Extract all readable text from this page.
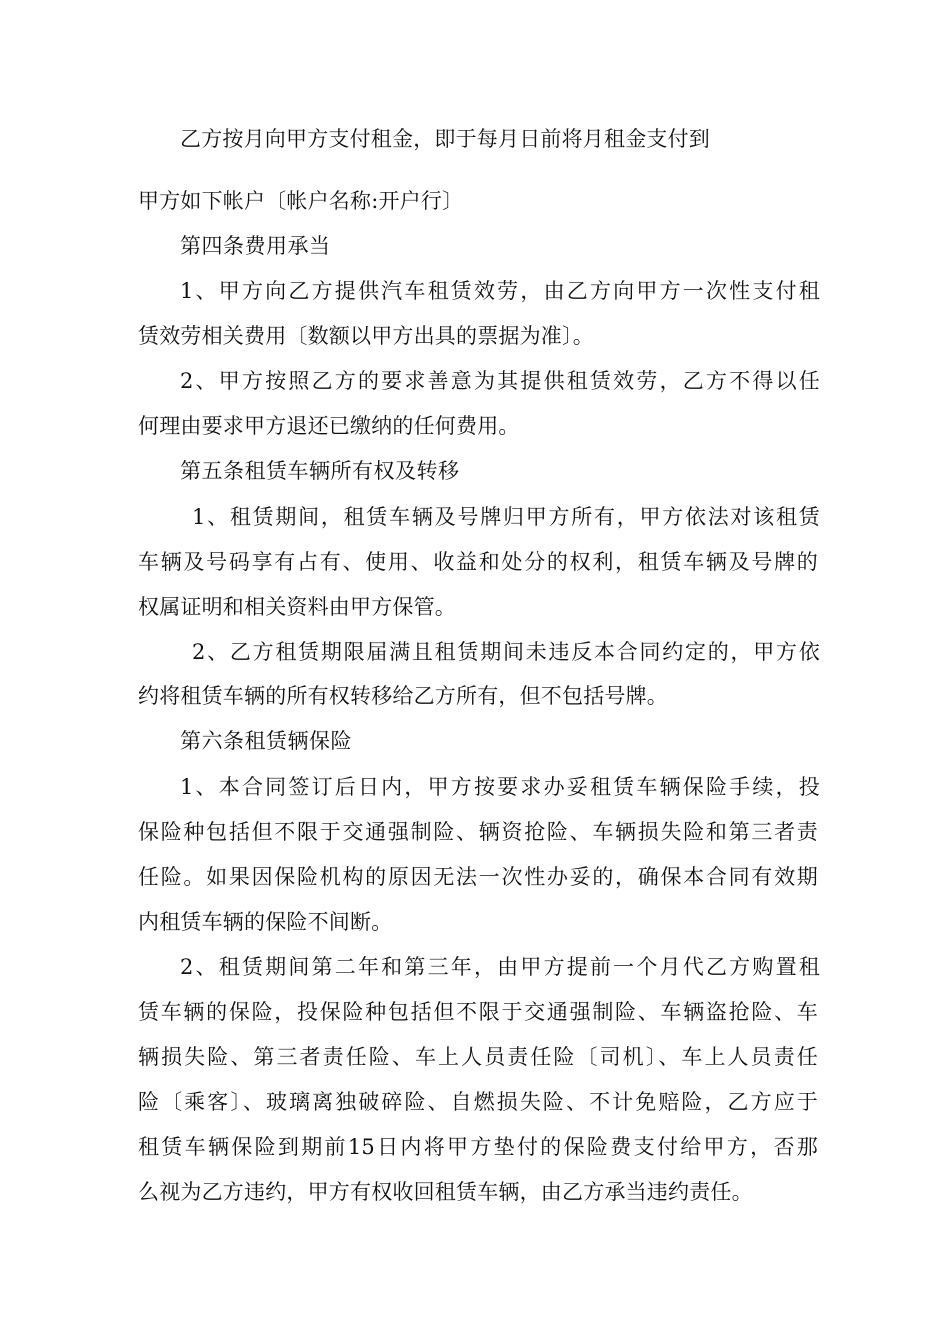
乙方按月向甲方支付租金，即于每月日前将月租金支付到
甲方如下帐户〔帐户名称:开户行〕
第四条费用承当
1、甲方向乙方提供汽车租赁效劳，由乙方向甲方一次性支付租
赁效劳相关费用〔数额以甲方出具的票据为准〕。
2、甲方按照乙方的要求善意为其提供租赁效劳，乙方不得以任
何理由要求甲方退还已缴纳的任何费用。
第五条租赁车辆所有权及转移
1、租赁期间，租赁车辆及号牌归甲方所有，甲方依法对该租赁
车辆及号码享有占有、使用、收益和处分的权利，租赁车辆及号牌的
权属证明和相关资料由甲方保管。
2、乙方租赁期限届满且租赁期间未违反本合同约定的，甲方依
约将租赁车辆的所有权转移给乙方所有，但不包括号牌。
第六条租赁辆保险
1、本合同签订后日内，甲方按要求办妥租赁车辆保险手续，投
保险种包括但不限于交通强制险、辆资抢险、车辆损失险和第三者责
任险。如果因保险机构的原因无法一次性办妥的，确保本合同有效期
内租赁车辆的保险不间断。
2、租赁期间第二年和第三年，由甲方提前一个月代乙方购置租
赁车辆的保险，投保险种包括但不限于交通强制险、车辆盗抢险、车
辆损失险、第三者责任险、车上人员责任险〔司机〕、车上人员责任
险〔乘客〕、玻璃离独破碎险、自燃损失险、不计免赔险，乙方应于
租赁车辆保险到期前15日内将甲方垫付的保险费支付给甲方，否那
么视为乙方违约，甲方有权收回租赁车辆，由乙方承当违约责任。
